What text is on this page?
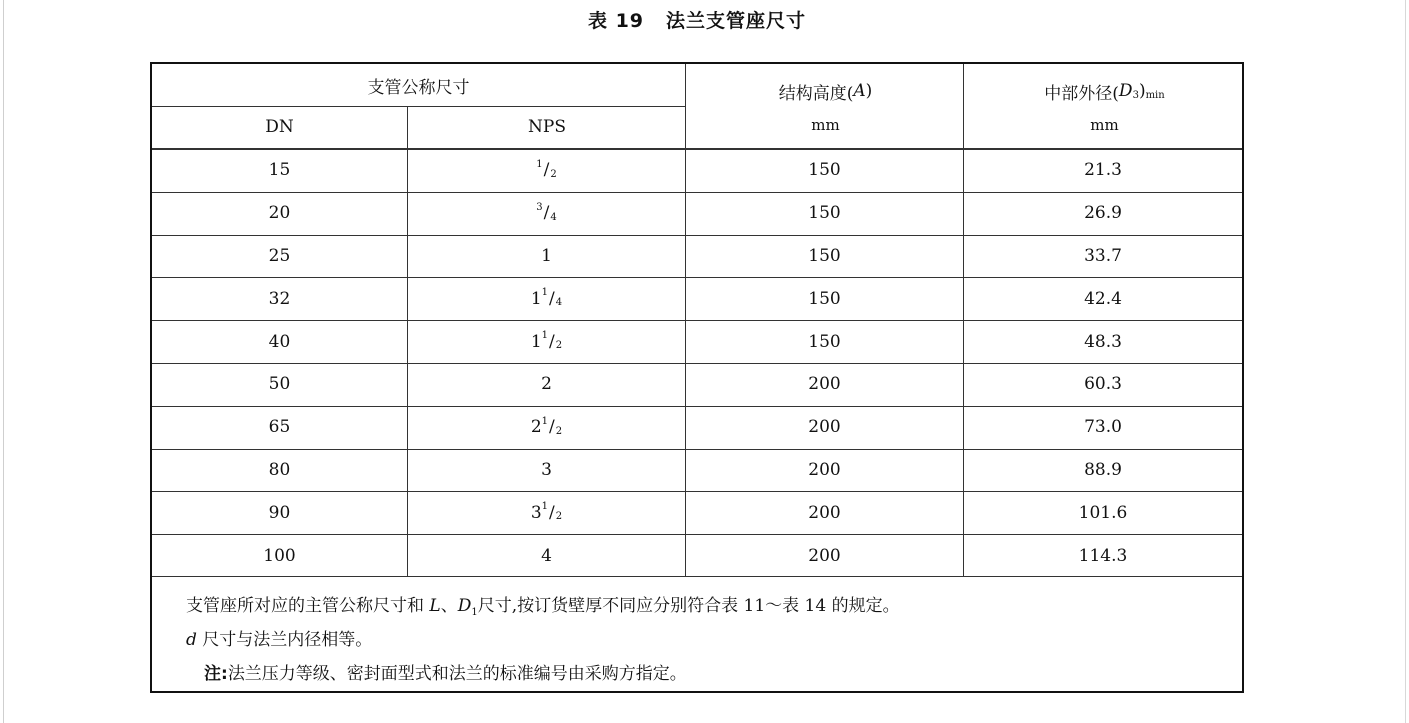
表 19 法兰支管座尺寸
支管公称尺寸
DN	NPS
结构高度( A )
mm
中部外径( D 3 ) min
mm
15	1 / 2	150	21.3
20	3 / 4	150	26.9
25	1	150	33.7
32	1 1 / 4	150	42.4
40	1 1 / 2	150	48.3
50	2	200	60.3
65	2 1 / 2	200	73.0
80	3	200	88.9
90	3 1 / 2	200	101.6
100	4	200	114.3
支管座所对应的主管公称尺寸和 L、$D_1$尺寸,按订货壁厚不同应分别符合表 11～表 14 的规定。
d 尺寸与法兰内径相等。
注:法兰压力等级、密封面型式和法兰的标准编号由采购方指定。
